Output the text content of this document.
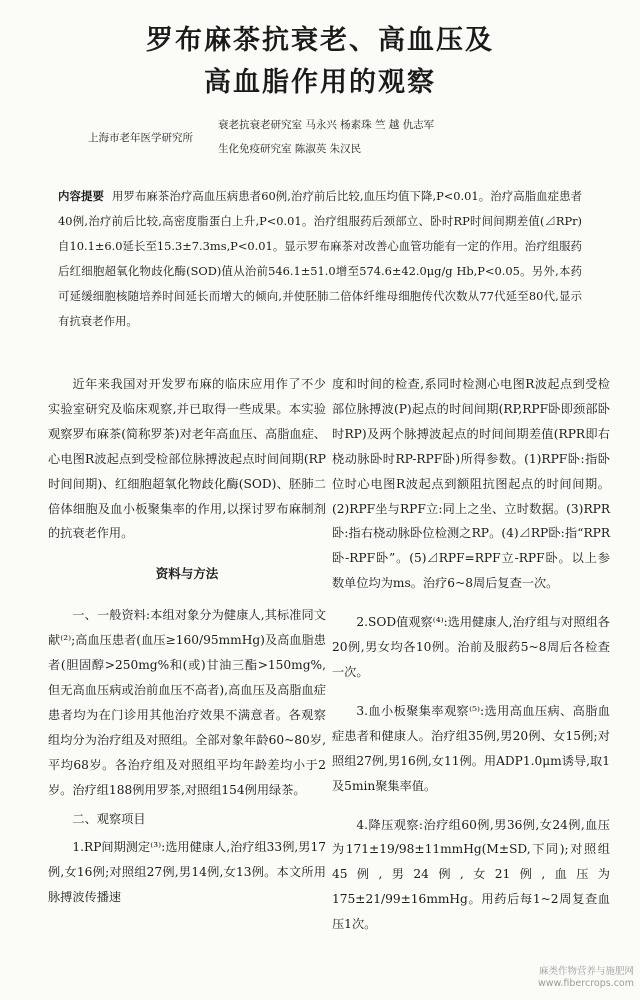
罗布麻茶抗衰老、高血压及
高血脂作用的观察
上海市老年医学研究所
衰老抗衰老研究室 马永兴 杨素珠 竺 越 仇志军
生化免疫研究室 陈淑英 朱汉民
内容提要 用罗布麻茶治疗高血压病患者60例,治疗前后比较,血压均值下降,P<0.01。治疗高脂血症患者40例,治疗前后比较,高密度脂蛋白上升,P<0.01。治疗组服药后颈部立、卧时RP时间间期差值(⊿RPr)自10.1±6.0延长至15.3±7.3ms,P<0.01。显示罗布麻茶对改善心血管功能有一定的作用。治疗组服药后红细胞超氧化物歧化酶(SOD)值从治前546.1±51.0增至574.6±42.0μg/g Hb,P<0.05。另外,本药可延缓细胞核随培养时间延长而增大的倾向,并使胚肺二倍体纤维母细胞传代次数从77代延至80代,显示有抗衰老作用。

近年来我国对开发罗布麻的临床应用作了不少实验室研究及临床观察,并已取得一些成果。本实验观察罗布麻茶(简称罗茶)对老年高血压、高脂血症、心电图R波起点到受检部位脉搏波起点时间间期(RP时间间期)、红细胞超氧化物歧化酶(SOD)、胚肺二倍体细胞及血小板聚集率的作用,以探讨罗布麻制剂的抗衰老作用。

资料与方法

一、一般资料:本组对象分为健康人,其标准同文献⁽²⁾;高血压患者(血压≥160/95mmHg)及高血脂患者(胆固醇>250mg%和(或)甘油三酯>150mg%,但无高血压病或治前血压不高者),高血压及高脂血症患者均为在门诊用其他治疗效果不满意者。各观察组均分为治疗组及对照组。全部对象年龄60~80岁,平均68岁。各治疗组及对照组平均年龄差均小于2岁。治疗组188例用罗茶,对照组154例用绿茶。

二、观察项目

1.RP间期测定⁽³⁾:选用健康人,治疗组33例,男17例,女16例;对照组27例,男14例,女13例。本文所用脉搏波传播速

度和时间的检查,系同时检测心电图R波起点到受检部位脉搏波(P)起点的时间间期(RP,RPF卧即颈部卧时RP)及两个脉搏波起点的时间间期差值(RPR即右桡动脉卧时RP-RPF卧)所得参数。(1)RPF卧:指卧位时心电图R波起点到额阻抗图起点的时间间期。(2)RPF坐与RPF立:同上之坐、立时数据。(3)RPR卧:指右桡动脉卧位检测之RP。(4)⊿RP卧:指“RPR卧-RPF卧”。(5)⊿RPF=RPF立-RPF卧。以上参数单位均为ms。治疗6~8周后复查一次。

2.SOD值观察⁽⁴⁾:选用健康人,治疗组与对照组各20例,男女均各10例。治前及服药5~8周后各检查一次。

3.血小板聚集率观察⁽⁵⁾:选用高血压病、高脂血症患者和健康人。治疗组35例,男20例、女15例;对照组27例,男16例,女11例。用ADP1.0μm诱导,取1及5min聚集率值。

4.降压观察:治疗组60例,男36例,女24例,血压为171±19/98±11mmHg(M±SD,下同);对照组45例,男24例,女21例,血压为175±21/99±16mmHg。用药后每1~2周复查血压1次。

麻类作物营养与施肥网
www.fibercrops.com
